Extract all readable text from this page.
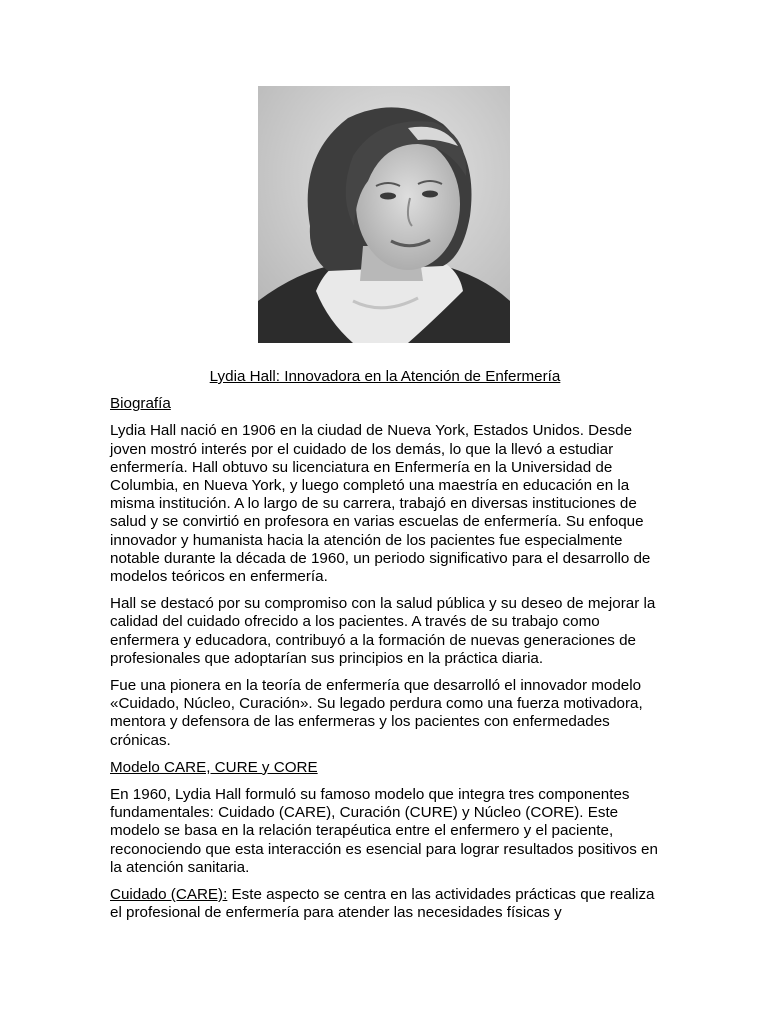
Lydia Hall: Innovadora en la Atención de Enfermería

Biografía

Lydia Hall nació en 1906 en la ciudad de Nueva York, Estados Unidos. Desde joven mostró interés por el cuidado de los demás, lo que la llevó a estudiar enfermería. Hall obtuvo su licenciatura en Enfermería en la Universidad de Columbia, en Nueva York, y luego completó una maestría en educación en la misma institución. A lo largo de su carrera, trabajó en diversas instituciones de salud y se convirtió en profesora en varias escuelas de enfermería. Su enfoque innovador y humanista hacia la atención de los pacientes fue especialmente notable durante la década de 1960, un periodo significativo para el desarrollo de modelos teóricos en enfermería.

Hall se destacó por su compromiso con la salud pública y su deseo de mejorar la calidad del cuidado ofrecido a los pacientes. A través de su trabajo como enfermera y educadora, contribuyó a la formación de nuevas generaciones de profesionales que adoptarían sus principios en la práctica diaria.

Fue una pionera en la teoría de enfermería que desarrolló el innovador modelo «Cuidado, Núcleo, Curación». Su legado perdura como una fuerza motivadora, mentora y defensora de las enfermeras y los pacientes con enfermedades crónicas.

Modelo CARE, CURE y CORE

En 1960, Lydia Hall formuló su famoso modelo que integra tres componentes fundamentales: Cuidado (CARE), Curación (CURE) y Núcleo (CORE). Este modelo se basa en la relación terapéutica entre el enfermero y el paciente, reconociendo que esta interacción es esencial para lograr resultados positivos en la atención sanitaria.

Cuidado (CARE): Este aspecto se centra en las actividades prácticas que realiza el profesional de enfermería para atender las necesidades físicas y
